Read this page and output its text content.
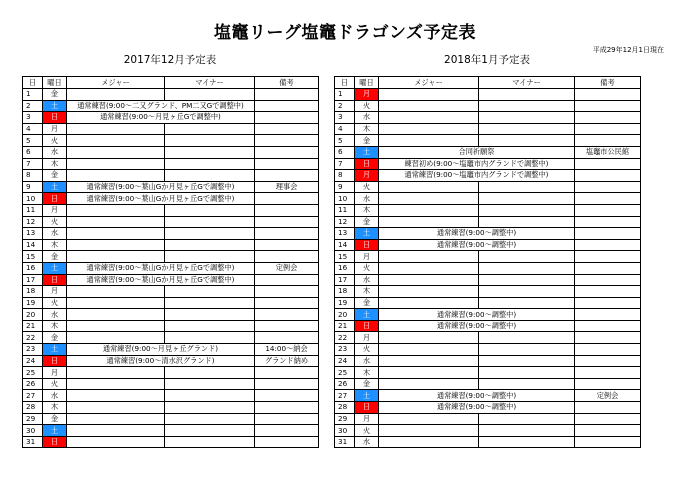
塩竈リーグ塩竈ドラゴンズ予定表
平成29年12月1日現在
2017年12月予定表	2018年1月予定表
日	曜日	メジャー	マイナー	備考
1	金			
2	土	通常練習(9:00～二又グランド、PM二又Gで調整中)		
3	日	通常練習(9:00～月見ヶ丘Gで調整中)		
4	月			
5	火			
6	水			
7	木			
8	金			
9	土	通常練習(9:00～葉山Gか月見ヶ丘Gで調整中)		理事会
10	日	通常練習(9:00～葉山Gか月見ヶ丘Gで調整中)		
11	月			
12	火			
13	水			
14	木			
15	金			
16	土	通常練習(9:00～葉山Gか月見ヶ丘Gで調整中)		定例会
17	日	通常練習(9:00～葉山Gか月見ヶ丘Gで調整中)		
18	月			
19	火			
20	水			
21	木			
22	金			
23	土	通常練習(9:00～月見ヶ丘グランド)		14:00～納会
24	日	通常練習(9:00～清水沢グランド)		グランド納め
25	月			
26	火			
27	水			
28	木			
29	金			
30	土			
31	日			
日	曜日	メジャー	マイナー	備考
1	月			
2	火			
3	水			
4	木			
5	金			
6	土	合同祈願祭		塩竈市公民館
7	日	練習初め(9:00～塩竈市内グランドで調整中)		
8	月	通常練習(9:00～塩竈市内グランドで調整中)		
9	火			
10	水			
11	木			
12	金			
13	土	通常練習(9:00～調整中)		
14	日	通常練習(9:00～調整中)		
15	月			
16	火			
17	水			
18	木			
19	金			
20	土	通常練習(9:00～調整中)		
21	日	通常練習(9:00～調整中)		
22	月			
23	火			
24	水			
25	木			
26	金			
27	土	通常練習(9:00～調整中)		定例会
28	日	通常練習(9:00～調整中)		
29	月			
30	火			
31	水			
